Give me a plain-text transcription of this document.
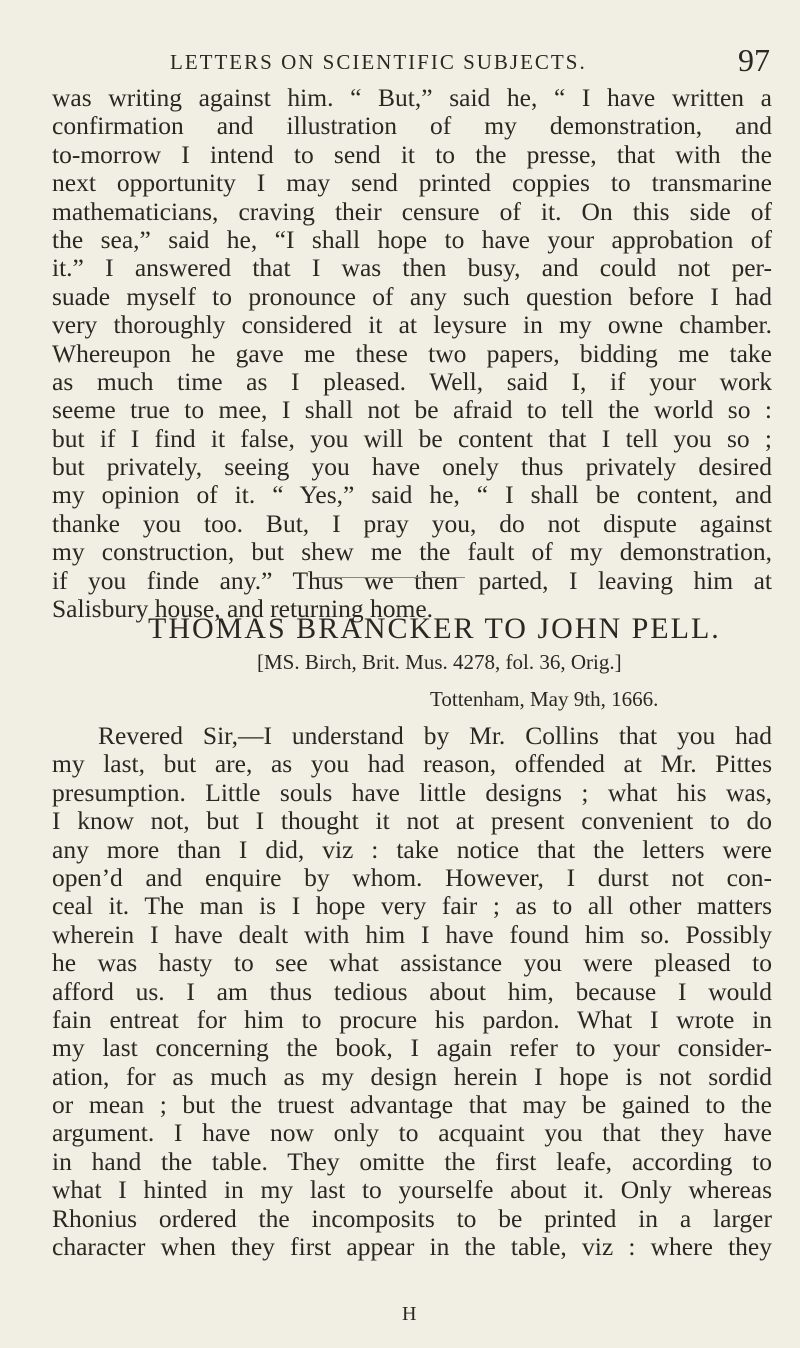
LETTERS ON SCIENTIFIC SUBJECTS.	97
was writing against him. “ But,” said he, “ I have written a
confirmation and illustration of my demonstration, and
to-morrow I intend to send it to the presse, that with the
next opportunity I may send printed coppies to transmarine
mathematicians, craving their censure of it. On this side of
the sea,” said he, “I shall hope to have your approbation of
it.” I answered that I was then busy, and could not per-
suade myself to pronounce of any such question before I had
very thoroughly considered it at leysure in my owne chamber.
Whereupon he gave me these two papers, bidding me take
as much time as I pleased. Well, said I, if your work
seeme true to mee, I shall not be afraid to tell the world so :
but if I find it false, you will be content that I tell you so ;
but privately, seeing you have onely thus privately desired
my opinion of it. “ Yes,” said he, “ I shall be content, and
thanke you too. But, I pray you, do not dispute against
my construction, but shew me the fault of my demonstration,
if you finde any.” Thus we then parted, I leaving him at
Salisbury house, and returning home.
THOMAS BRANCKER TO JOHN PELL.
[MS. Birch, Brit. Mus. 4278, fol. 36, Orig.]
Tottenham, May 9th, 1666.
Revered Sir,—I understand by Mr. Collins that you had
my last, but are, as you had reason, offended at Mr. Pittes
presumption. Little souls have little designs ; what his was,
I know not, but I thought it not at present convenient to do
any more than I did, viz : take notice that the letters were
open’d and enquire by whom. However, I durst not con-
ceal it. The man is I hope very fair ; as to all other matters
wherein I have dealt with him I have found him so. Possibly
he was hasty to see what assistance you were pleased to
afford us. I am thus tedious about him, because I would
fain entreat for him to procure his pardon. What I wrote in
my last concerning the book, I again refer to your consider-
ation, for as much as my design herein I hope is not sordid
or mean ; but the truest advantage that may be gained to the
argument. I have now only to acquaint you that they have
in hand the table. They omitte the first leafe, according to
what I hinted in my last to yourselfe about it. Only whereas
Rhonius ordered the incomposits to be printed in a larger
character when they first appear in the table, viz : where they
H
